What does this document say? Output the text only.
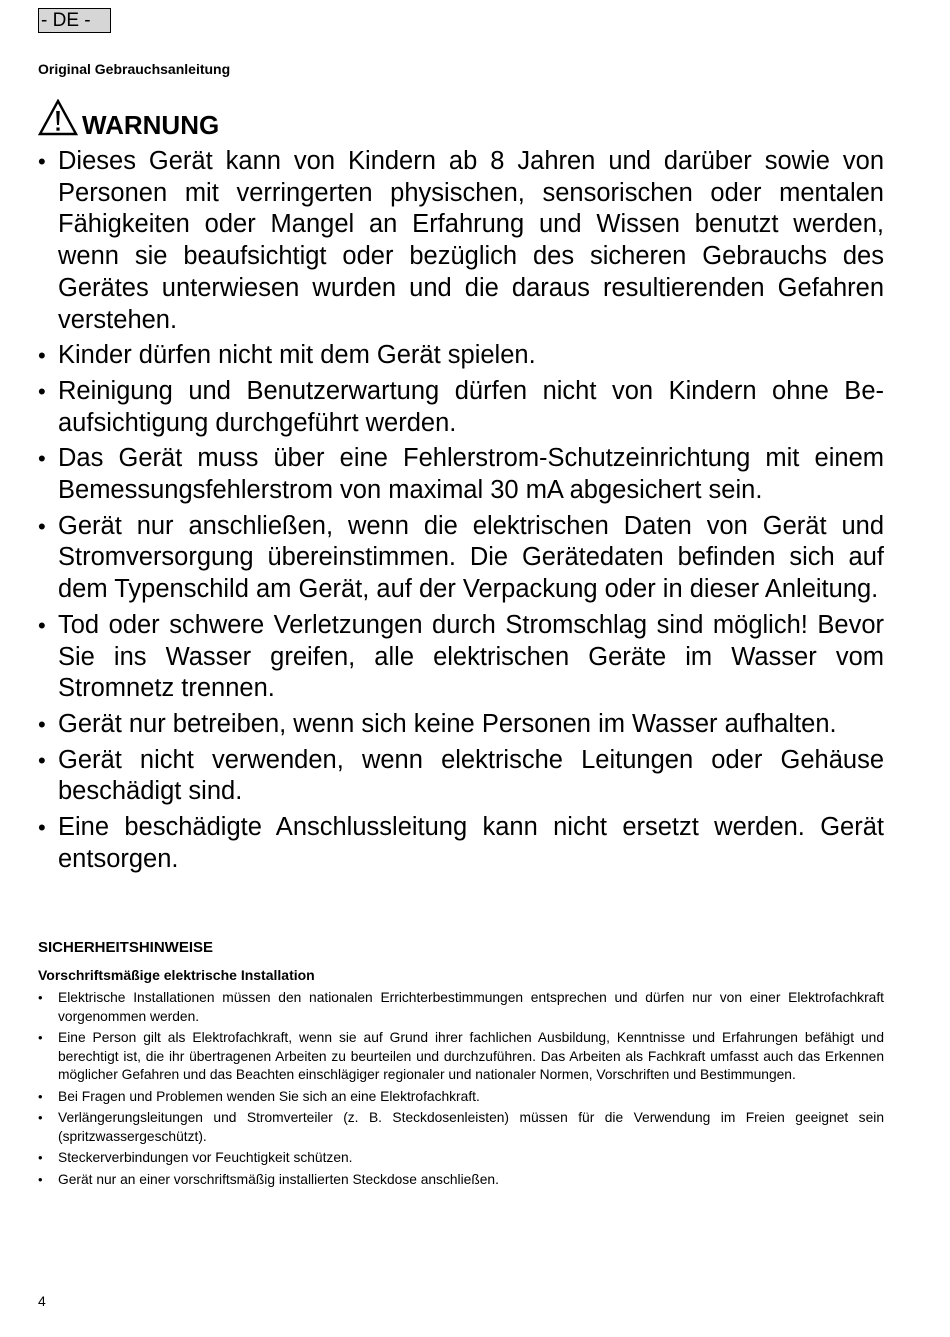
- DE -
Original Gebrauchsanleitung
WARNUNG
• Dieses Gerät kann von Kindern ab 8 Jahren und darüber sowie von Personen mit verringerten physischen, sensorischen oder mentalen Fähigkeiten oder Mangel an Erfahrung und Wissen benutzt werden, wenn sie beaufsichtigt oder bezüglich des sicheren Gebrauchs des Gerätes unterwiesen wurden und die daraus resultierenden Gefahren verstehen.
• Kinder dürfen nicht mit dem Gerät spielen.
• Reinigung und Benutzerwartung dürfen nicht von Kindern ohne Beaufsichtigung durchgeführt werden.
• Das Gerät muss über eine Fehlerstrom-Schutzeinrichtung mit einem Bemessungsfehlerstrom von maximal 30 mA abgesichert sein.
• Gerät nur anschließen, wenn die elektrischen Daten von Gerät und Stromversorgung übereinstimmen. Die Gerätedaten befinden sich auf dem Typenschild am Gerät, auf der Verpackung oder in dieser Anleitung.
• Tod oder schwere Verletzungen durch Stromschlag sind möglich! Bevor Sie ins Wasser greifen, alle elektrischen Geräte im Wasser vom Stromnetz trennen.
• Gerät nur betreiben, wenn sich keine Personen im Wasser aufhalten.
• Gerät nicht verwenden, wenn elektrische Leitungen oder Gehäuse beschädigt sind.
• Eine beschädigte Anschlussleitung kann nicht ersetzt werden. Gerät entsorgen.
SICHERHEITSHINWEISE
Vorschriftsmäßige elektrische Installation
• Elektrische Installationen müssen den nationalen Errichterbestimmungen entsprechen und dürfen nur von einer Elektrofachkraft vorgenommen werden.
• Eine Person gilt als Elektrofachkraft, wenn sie auf Grund ihrer fachlichen Ausbildung, Kenntnisse und Erfahrungen befähigt und berechtigt ist, die ihr übertragenen Arbeiten zu beurteilen und durchzuführen. Das Arbeiten als Fachkraft umfasst auch das Erkennen möglicher Gefahren und das Beachten einschlägiger regionaler und nationaler Normen, Vorschriften und Bestimmungen.
• Bei Fragen und Problemen wenden Sie sich an eine Elektrofachkraft.
• Verlängerungsleitungen und Stromverteiler (z. B. Steckdosenleisten) müssen für die Verwendung im Freien geeignet sein (spritzwassergeschützt).
• Steckerverbindungen vor Feuchtigkeit schützen.
• Gerät nur an einer vorschriftsmäßig installierten Steckdose anschließen.
4
